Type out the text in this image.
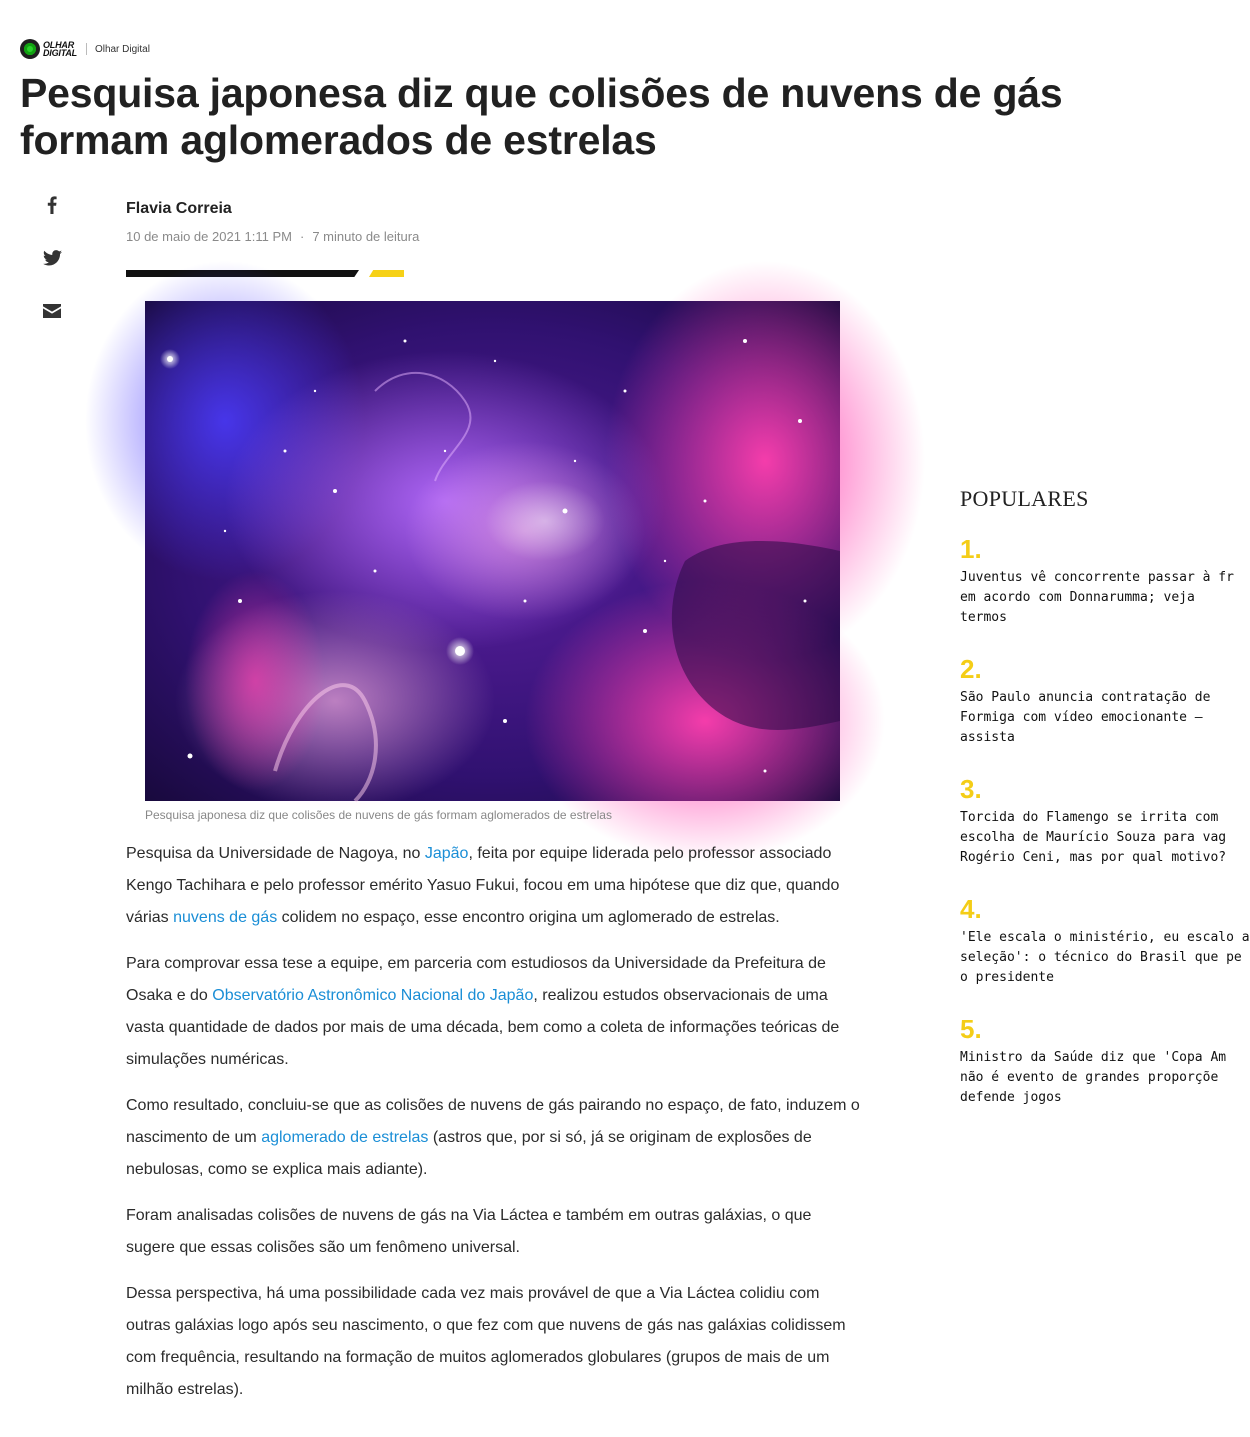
OLHAR
DIGITAL Olhar Digital
Pesquisa japonesa diz que colisões de nuvens de gás formam aglomerados de estrelas
Flavia Correia
10 de maio de 2021 1:11 PM · 7 minuto de leitura
Pesquisa japonesa diz que colisões de nuvens de gás formam aglomerados de estrelas

Pesquisa da Universidade de Nagoya, no Japão, feita por equipe liderada pelo professor associado Kengo Tachihara e pelo professor emérito Yasuo Fukui, focou em uma hipótese que diz que, quando várias nuvens de gás colidem no espaço, esse encontro origina um aglomerado de estrelas.

Para comprovar essa tese a equipe, em parceria com estudiosos da Universidade da Prefeitura de Osaka e do Observatório Astronômico Nacional do Japão, realizou estudos observacionais de uma vasta quantidade de dados por mais de uma década, bem como a coleta de informações teóricas de simulações numéricas.

Como resultado, concluiu-se que as colisões de nuvens de gás pairando no espaço, de fato, induzem o nascimento de um aglomerado de estrelas (astros que, por si só, já se originam de explosões de nebulosas, como se explica mais adiante).

Foram analisadas colisões de nuvens de gás na Via Láctea e também em outras galáxias, o que sugere que essas colisões são um fenômeno universal.

Dessa perspectiva, há uma possibilidade cada vez mais provável de que a Via Láctea colidiu com outras galáxias logo após seu nascimento, o que fez com que nuvens de gás nas galáxias colidissem com frequência, resultando na formação de muitos aglomerados globulares (grupos de mais de um milhão estrelas).

POPULARES
1.
Juventus vê concorrente passar à fr
em acordo com Donnarumma; veja
termos
2.
São Paulo anuncia contratação de
Formiga com vídeo emocionante –
assista
3.
Torcida do Flamengo se irrita com
escolha de Maurício Souza para vag
Rogério Ceni, mas por qual motivo?
4.
'Ele escala o ministério, eu escalo a
seleção': o técnico do Brasil que pe
o presidente
5.
Ministro da Saúde diz que 'Copa Am
não é evento de grandes proporçõe
defende jogos
